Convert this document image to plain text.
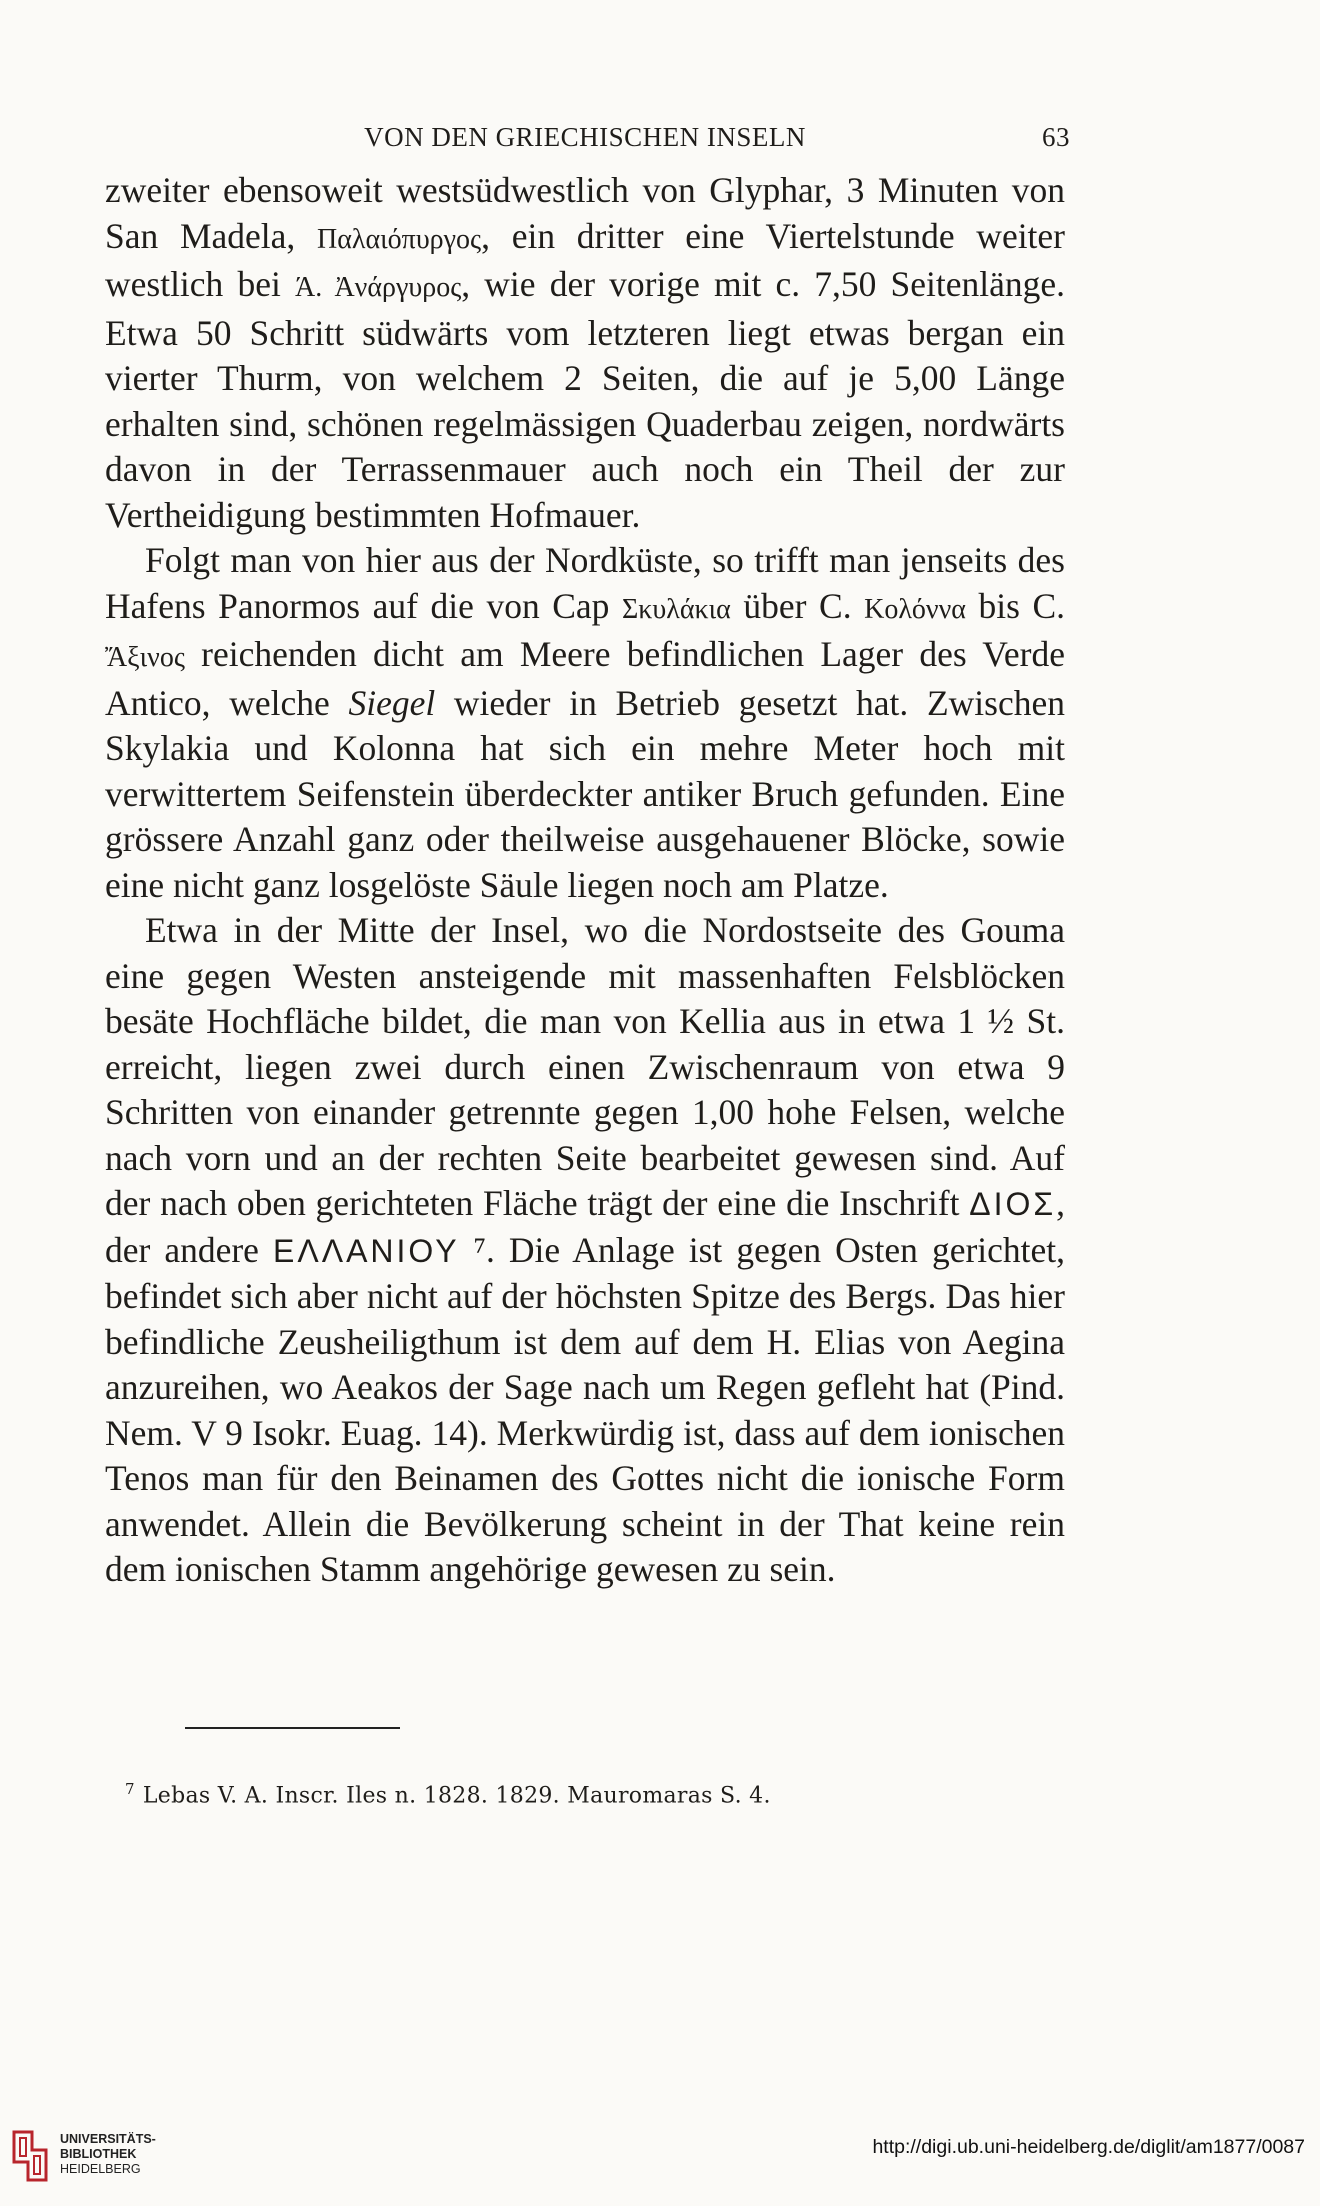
VON DEN GRIECHISCHEN INSELN	63

zweiter ebensoweit westsüdwestlich von Glyphar, 3 Minuten von San Madela, Παλαιόπυργος, ein dritter eine Viertelstunde weiter westlich bei Ά. Ἀνάργυρος, wie der vorige mit c. 7,50 Seitenlänge. Etwa 50 Schritt südwärts vom letzteren liegt etwas bergan ein vierter Thurm, von welchem 2 Seiten, die auf je 5,00 Länge erhalten sind, schönen regelmässigen Quaderbau zeigen, nordwärts davon in der Terrassenmauer auch noch ein Theil der zur Vertheidigung bestimmten Hofmauer.

Folgt man von hier aus der Nordküste, so trifft man jenseits des Hafens Panormos auf die von Cap Σκυλάκια über C. Κολόννα bis C. Ἄξινος reichenden dicht am Meere befindlichen Lager des Verde Antico, welche Siegel wieder in Betrieb gesetzt hat. Zwischen Skylakia und Kolonna hat sich ein mehre Meter hoch mit verwittertem Seifenstein überdeckter antiker Bruch gefunden. Eine grössere Anzahl ganz oder theilweise ausgehauener Blöcke, sowie eine nicht ganz losgelöste Säule liegen noch am Platze.

Etwa in der Mitte der Insel, wo die Nordostseite des Gouma eine gegen Westen ansteigende mit massenhaften Felsblöcken besäte Hochfläche bildet, die man von Kellia aus in etwa 1 ½ St. erreicht, liegen zwei durch einen Zwischenraum von etwa 9 Schritten von einander getrennte gegen 1,00 hohe Felsen, welche nach vorn und an der rechten Seite bearbeitet gewesen sind. Auf der nach oben gerichteten Fläche trägt der eine die Inschrift ΔΙΟΣ, der andere ΕΛΛΑΝΙΟΥ ⁷. Die Anlage ist gegen Osten gerichtet, befindet sich aber nicht auf der höchsten Spitze des Bergs. Das hier befindliche Zeusheiligthum ist dem auf dem H. Elias von Aegina anzureihen, wo Aeakos der Sage nach um Regen gefleht hat (Pind. Nem. V 9 Isokr. Euag. 14). Merkwürdig ist, dass auf dem ionischen Tenos man für den Beinamen des Gottes nicht die ionische Form anwendet. Allein die Bevölkerung scheint in der That keine rein dem ionischen Stamm angehörige gewesen zu sein.

$^7$ Lebas V. A. Inscr. Iles n. 1828. 1829. Mauromaras S. 4.
UNIVERSITÄTS-
BIBLIOTHEK
HEIDELBERG
http://digi.ub.uni-heidelberg.de/diglit/am1877/0087
